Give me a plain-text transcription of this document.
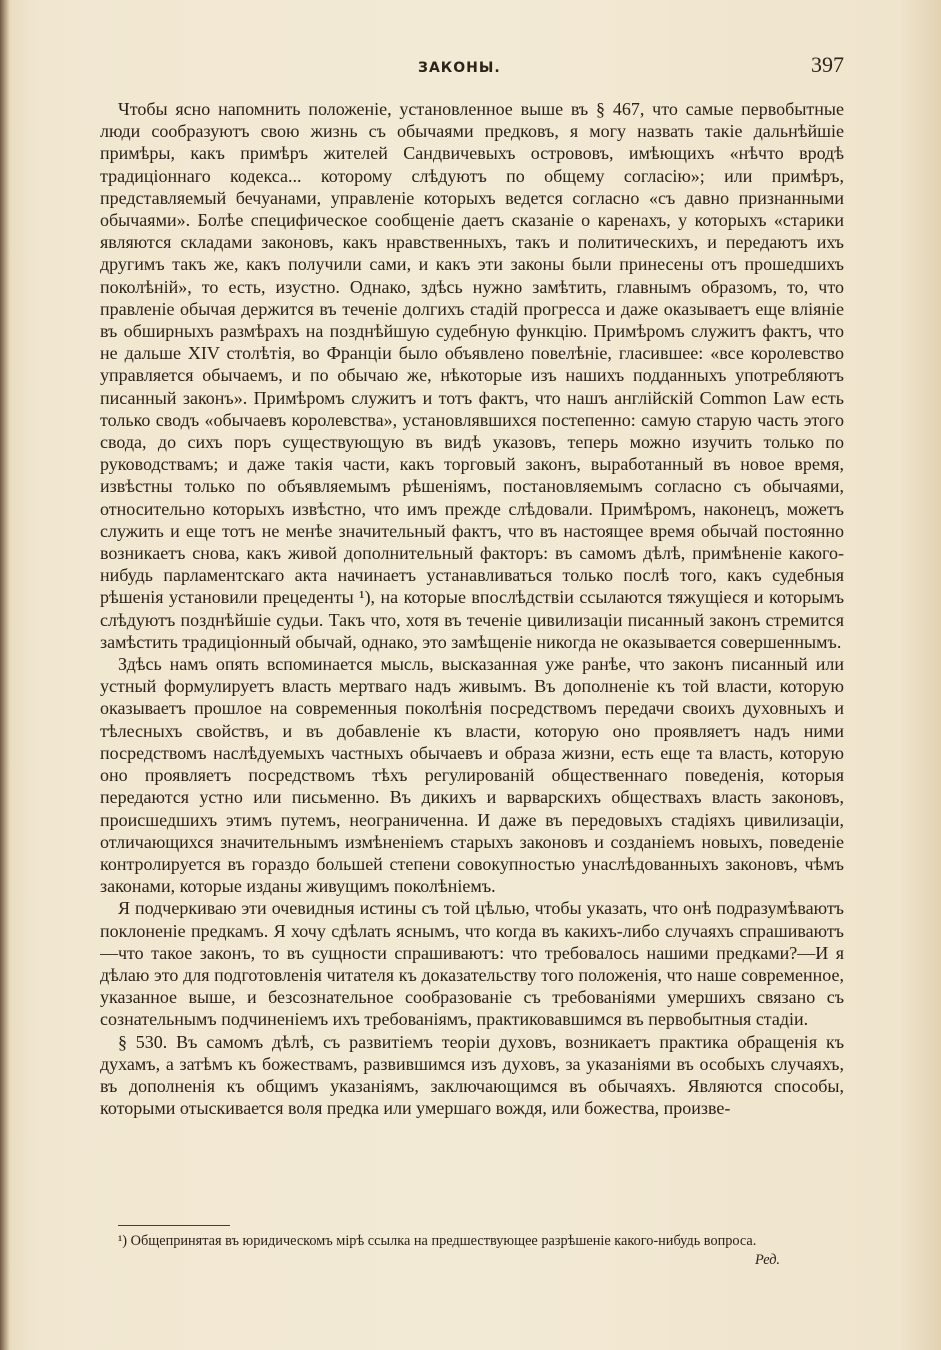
ЗАКОНЫ.	397

Чтобы ясно напомнить положенiе, установленное выше въ § 467, что самые первобытные люди сообразуютъ свою жизнь съ обычаями предковъ, я могу назвать такiе дальнѣйшiе примѣры, какъ примѣръ жителей Сандвичевыхъ острововъ, имѣющихъ «нѣчто вродѣ традицiоннаго кодекса... которому слѣдуютъ по общему согласiю»; или примѣръ, представляемый бечуанами, управленiе которыхъ ведется согласно «съ давно признанными обычаями». Болѣе специфическое сообщенiе даетъ сказанiе о каренахъ, у которыхъ «старики являются складами законовъ, какъ нравственныхъ, такъ и политическихъ, и передаютъ ихъ другимъ такъ же, какъ получили сами, и какъ эти законы были принесены отъ прошедшихъ поколѣнiй», то есть, изустно. Однако, здѣсь нужно замѣтить, главнымъ образомъ, то, что правленiе обычая держится въ теченiе долгихъ стадiй прогресса и даже оказываетъ еще влiянiе въ обширныхъ размѣрахъ на позднѣйшую судебную функцiю. Примѣромъ служитъ фактъ, что не дальше XIV столѣтiя, во Францiи было объявлено повелѣнiе, гласившее: «все королевство управляется обычаемъ, и по обычаю же, нѣкоторые изъ нашихъ подданныхъ употребляютъ писанный законъ». Примѣромъ служитъ и тотъ фактъ, что нашъ англiйскiй Common Law есть только сводъ «обычаевъ королевства», установлявшихся постепенно: самую старую часть этого свода, до сихъ поръ существующую въ видѣ указовъ, теперь можно изучить только по руководствамъ; и даже такiя части, какъ торговый законъ, выработанный въ новое время, извѣстны только по объявляемымъ рѣшенiямъ, постановляемымъ согласно съ обычаями, относительно которыхъ извѣстно, что имъ прежде слѣдовали. Примѣромъ, наконецъ, можетъ служить и еще тотъ не менѣе значительный фактъ, что въ настоящее время обычай постоянно возникаетъ снова, какъ живой дополнительный факторъ: въ самомъ дѣлѣ, примѣненiе какого-нибудь парламентскаго акта начинаетъ устанавливаться только послѣ того, какъ судебныя рѣшенiя установили прецеденты ¹), на которые впослѣдствiи ссылаются тяжущiеся и которымъ слѣдуютъ позднѣйшiе судьи. Такъ что, хотя въ теченiе цивилизацiи писанный законъ стремится замѣстить традицiонный обычай, однако, это замѣщенiе никогда не оказывается совершеннымъ.

Здѣсь намъ опять вспоминается мысль, высказанная уже ранѣе, что законъ писанный или устный формулируетъ власть мертваго надъ живымъ. Въ дополненiе къ той власти, которую оказываетъ прошлое на современныя поколѣнiя посредствомъ передачи своихъ духовныхъ и тѣлесныхъ свойствъ, и въ добавленiе къ власти, которую оно проявляетъ надъ ними посредствомъ наслѣдуемыхъ частныхъ обычаевъ и образа жизни, есть еще та власть, которую оно проявляетъ посредствомъ тѣхъ регулированiй общественнаго поведенiя, которыя передаются устно или письменно. Въ дикихъ и варварскихъ обществахъ власть законовъ, происшедшихъ этимъ путемъ, неограниченна. И даже въ передовыхъ стадiяхъ цивилизацiи, отличающихся значительнымъ измѣненiемъ старыхъ законовъ и созданiемъ новыхъ, поведенiе контролируется въ гораздо большей степени совокупностью унаслѣдованныхъ законовъ, чѣмъ законами, которые изданы живущимъ поколѣнiемъ.

Я подчеркиваю эти очевидныя истины съ той цѣлью, чтобы указать, что онѣ подразумѣваютъ поклоненiе предкамъ. Я хочу сдѣлать яснымъ, что когда въ какихъ-либо случаяхъ спрашиваютъ —что такое законъ, то въ сущности спрашиваютъ: что требовалось нашими предками?—И я дѣлаю это для подготовленiя читателя къ доказательству того положенiя, что наше современное, указанное выше, и безсознательное сообразованiе съ требованiями умершихъ связано съ сознательнымъ подчиненiемъ ихъ требованiямъ, практиковавшимся въ первобытныя стадiи.

§ 530. Въ самомъ дѣлѣ, съ развитiемъ теорiи духовъ, возникаетъ практика обращенiя къ духамъ, а затѣмъ къ божествамъ, развившимся изъ духовъ, за указанiями въ особыхъ случаяхъ, въ дополненiя къ общимъ указанiямъ, заключающимся въ обычаяхъ. Являются способы, которыми отыскивается воля предка или умершаго вождя, или божества, произве-

¹) Общепринятая въ юридическомъ мiрѣ ссылка на предшествующее разрѣшенiе какого-нибудь вопроса.
Ред.
